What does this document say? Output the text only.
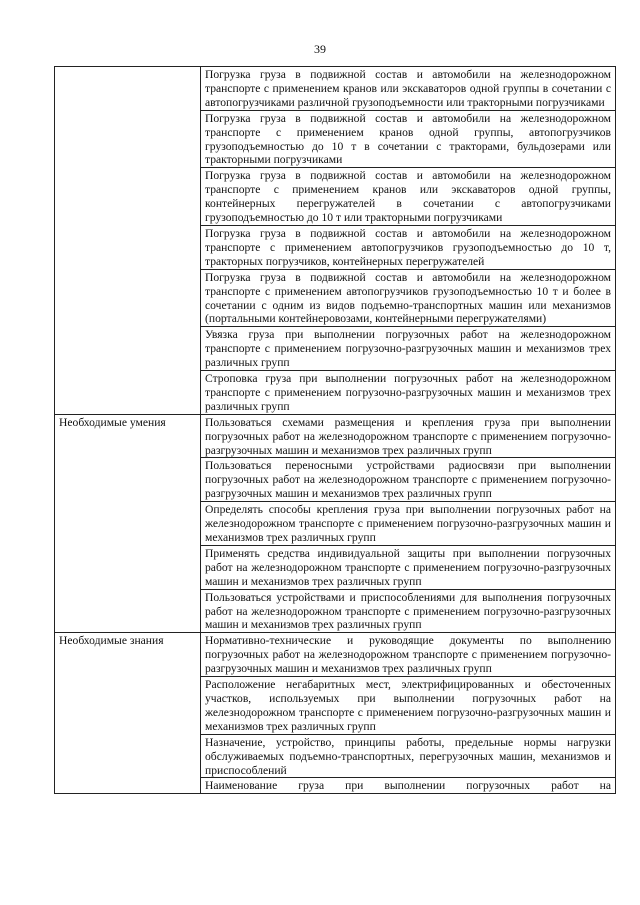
39
	Погрузка груза в подвижной состав и автомобили на железнодорожном транспорте с применением кранов или экскаваторов одной группы в сочетании с автопогрузчиками различной грузоподъемности или тракторными погрузчиками
	Погрузка груза в подвижной состав и автомобили на железнодорожном транспорте с применением кранов одной группы, автопогрузчиков грузоподъемностью до 10 т в сочетании с тракторами, бульдозерами или тракторными погрузчиками
	Погрузка груза в подвижной состав и автомобили на железнодорожном транспорте с применением кранов или экскаваторов одной группы, контейнерных перегружателей в сочетании с автопогрузчиками грузоподъемностью до 10 т или тракторными погрузчиками
	Погрузка груза в подвижной состав и автомобили на железнодорожном транспорте с применением автопогрузчиков грузоподъемностью до 10 т, тракторных погрузчиков, контейнерных перегружателей
	Погрузка груза в подвижной состав и автомобили на железнодорожном транспорте с применением автопогрузчиков грузоподъемностью 10 т и более в сочетании с одним из видов подъемно-транспортных машин или механизмов (портальными контейнеровозами, контейнерными перегружателями)
	Увязка груза при выполнении погрузочных работ на железнодорожном транспорте с применением погрузочно-разгрузочных машин и механизмов трех различных групп
	Строповка груза при выполнении погрузочных работ на железнодорожном транспорте с применением погрузочно-разгрузочных машин и механизмов трех различных групп
Необходимые умения	Пользоваться схемами размещения и крепления груза при выполнении погрузочных работ на железнодорожном транспорте с применением погрузочно-разгрузочных машин и механизмов трех различных групп
	Пользоваться переносными устройствами радиосвязи при выполнении погрузочных работ на железнодорожном транспорте с применением погрузочно-разгрузочных машин и механизмов трех различных групп
	Определять способы крепления груза при выполнении погрузочных работ на железнодорожном транспорте с применением погрузочно-разгрузочных машин и механизмов трех различных групп
	Применять средства индивидуальной защиты при выполнении погрузочных работ на железнодорожном транспорте с применением погрузочно-разгрузочных машин и механизмов трех различных групп
	Пользоваться устройствами и приспособлениями для выполнения погрузочных работ на железнодорожном транспорте с применением погрузочно-разгрузочных машин и механизмов трех различных групп
Необходимые знания	Нормативно-технические и руководящие документы по выполнению погрузочных работ на железнодорожном транспорте с применением погрузочно-разгрузочных машин и механизмов трех различных групп
	Расположение негабаритных мест, электрифицированных и обесточенных участков, используемых при выполнении погрузочных работ на железнодорожном транспорте с применением погрузочно-разгрузочных машин и механизмов трех различных групп
	Назначение, устройство, принципы работы, предельные нормы нагрузки обслуживаемых подъемно-транспортных, перегрузочных машин, механизмов и приспособлений
	Наименование груза при выполнении погрузочных работ на
